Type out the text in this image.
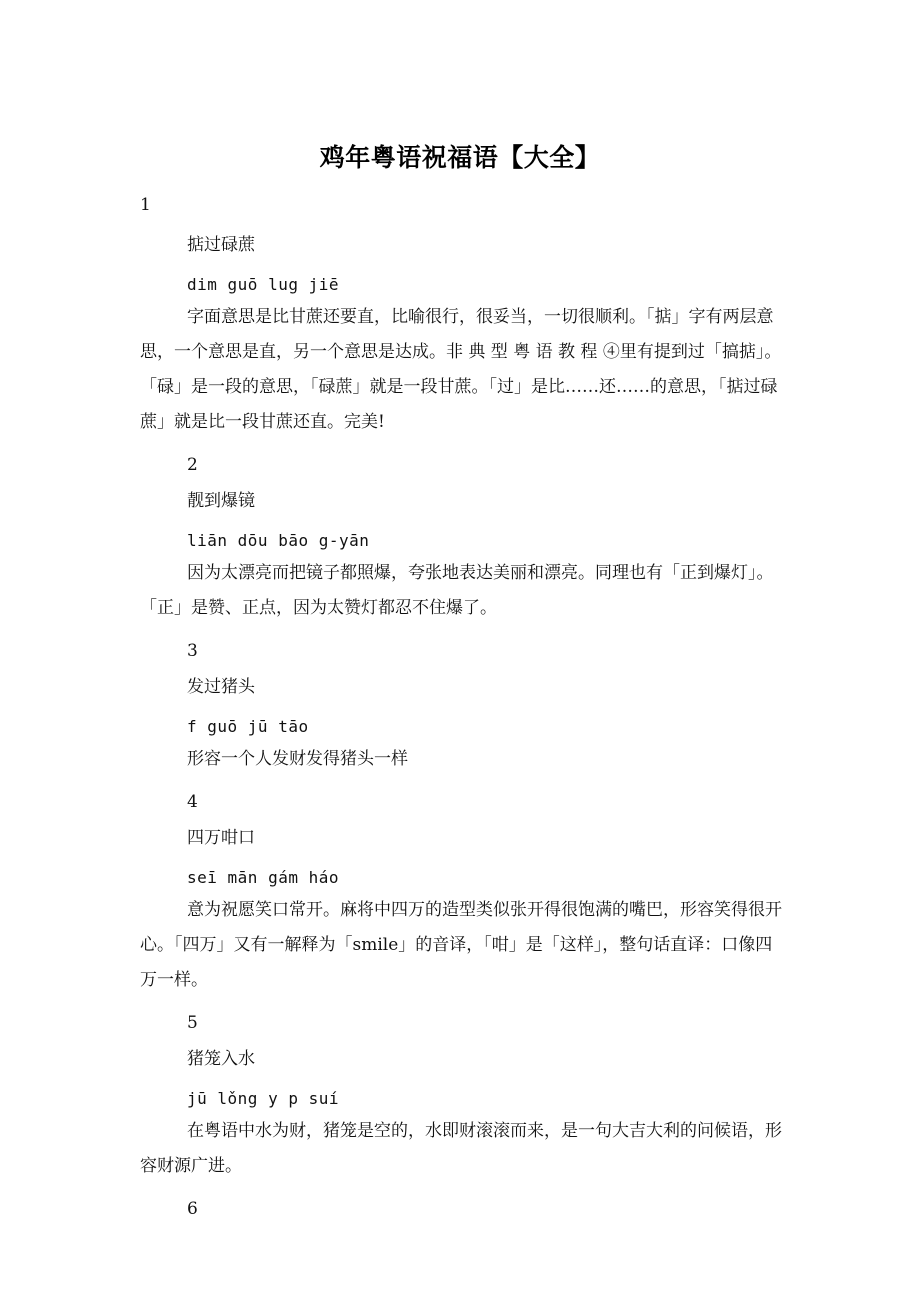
鸡年粤语祝福语【大全】

1

掂过碌蔗

dim guō lug jiē

字面意思是比甘蔗还要直，比喻很行，很妥当，一切很顺利。「掂」字有两层意思，一个意思是直，另一个意思是达成。非 典 型 粤 语 教 程 ④里有提到过「搞掂」。「碌」是一段的意思，「碌蔗」就是一段甘蔗。「过」是比……还……的意思，「掂过碌蔗」就是比一段甘蔗还直。完美!

2

靓到爆镜

liān dōu bāo g-yān

因为太漂亮而把镜子都照爆，夸张地表达美丽和漂亮。同理也有「正到爆灯」。「正」是赞、正点，因为太赞灯都忍不住爆了。

3

发过猪头

f guō jū tāo

形容一个人发财发得猪头一样

4

四万咁口

seī mān gám háo

意为祝愿笑口常开。麻将中四万的造型类似张开得很饱满的嘴巴，形容笑得很开心。「四万」又有一解释为「smile」的音译，「咁」是「这样」，整句话直译：口像四万一样。

5

猪笼入水

jū lǒng y p suí

在粤语中水为财，猪笼是空的，水即财滚滚而来，是一句大吉大利的问候语，形容财源广进。

6
